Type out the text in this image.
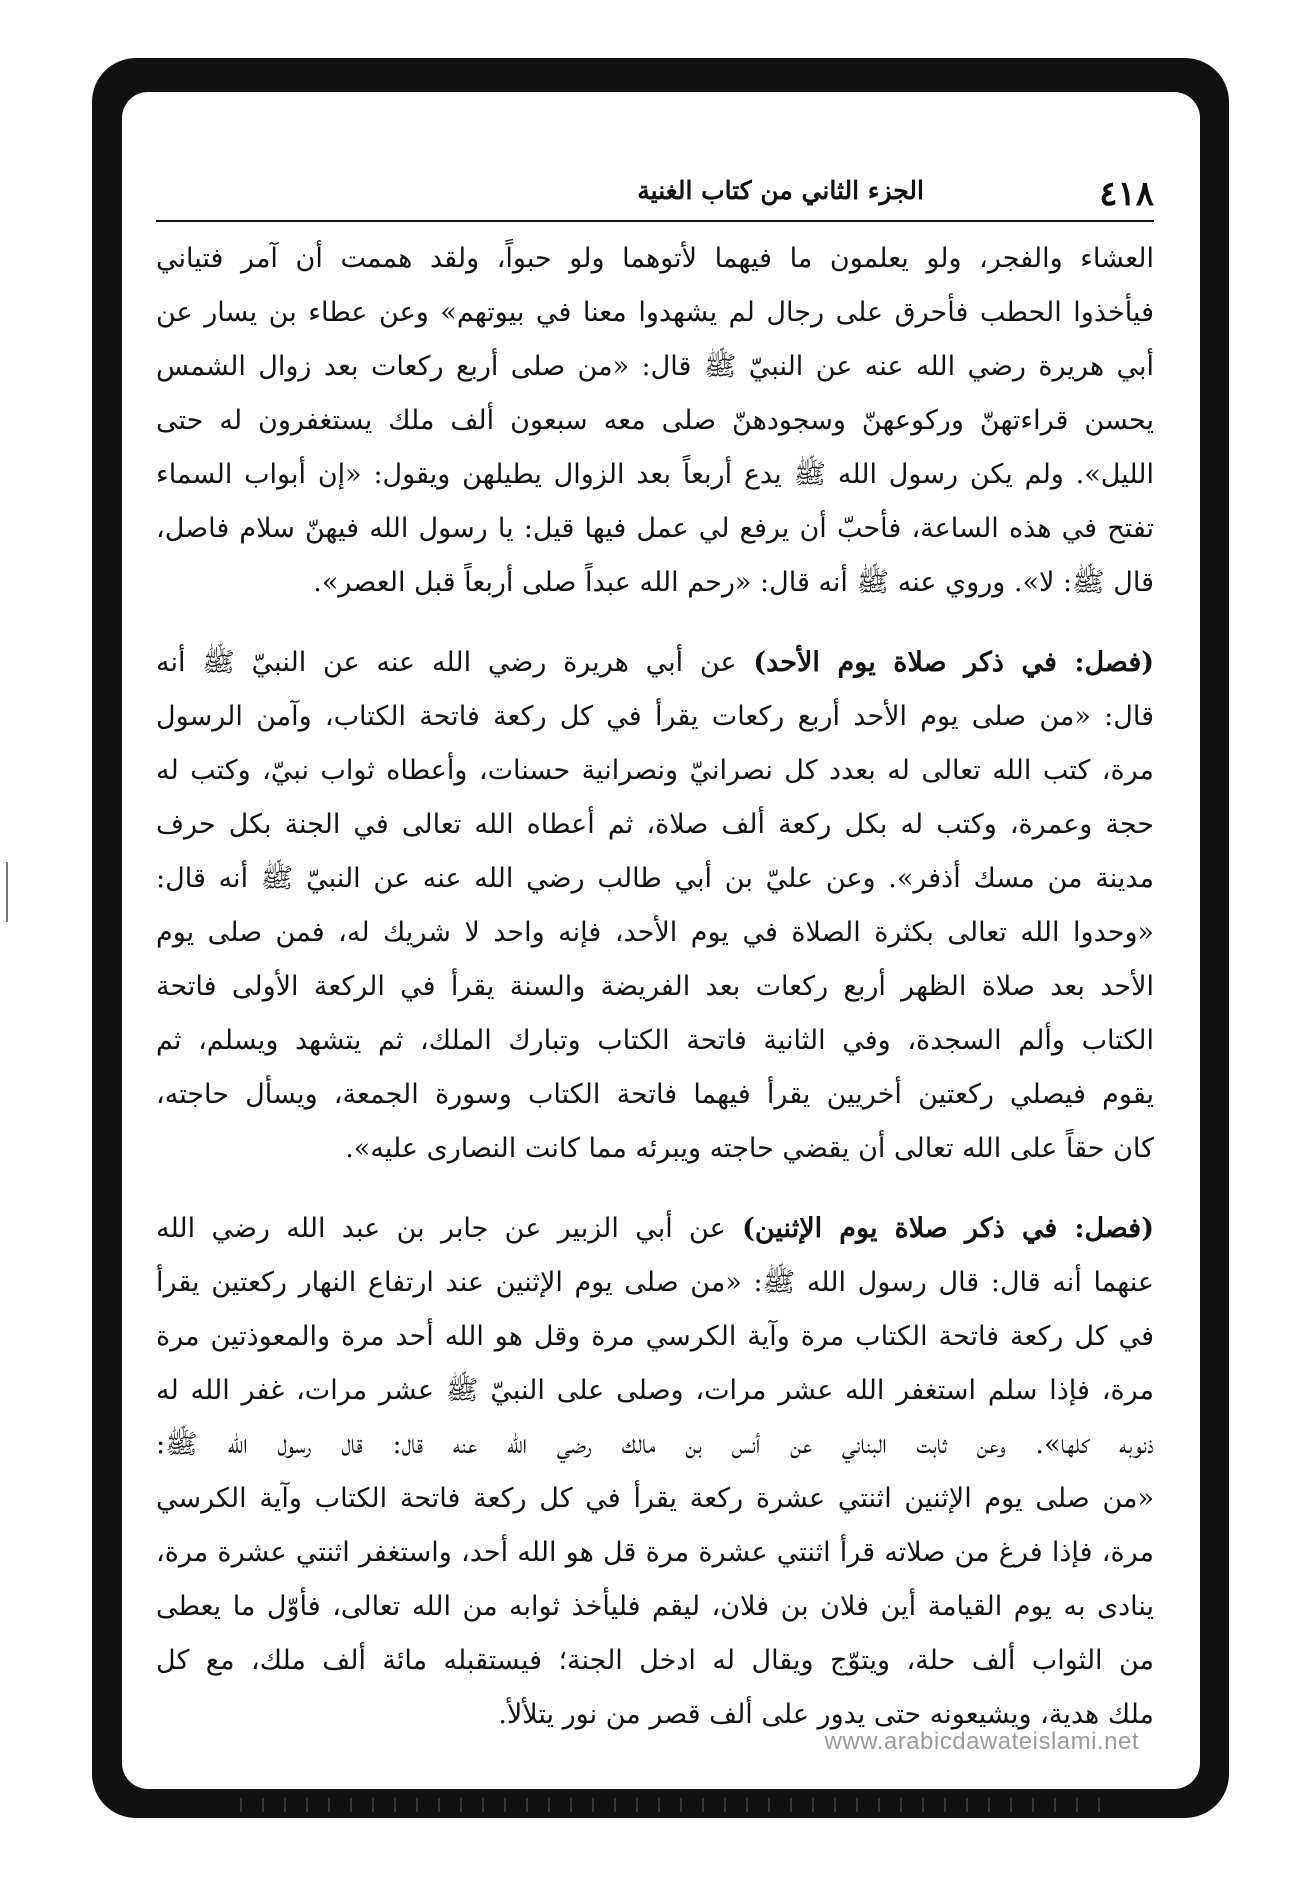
٤١٨
الجزء الثاني من كتاب الغنية

العشاء والفجر، ولو يعلمون ما فيهما لأتوهما ولو حبواً، ولقد هممت أن آمر فتياني
فيأخذوا الحطب فأحرق على رجال لم يشهدوا معنا في بيوتهم» وعن عطاء بن يسار عن
أبي هريرة رضي الله عنه عن النبيّ ﷺ قال: «من صلى أربع ركعات بعد زوال الشمس
يحسن قراءتهنّ وركوعهنّ وسجودهنّ صلى معه سبعون ألف ملك يستغفرون له حتى
الليل». ولم يكن رسول الله ﷺ يدع أربعاً بعد الزوال يطيلهن ويقول: «إن أبواب السماء
تفتح في هذه الساعة، فأحبّ أن يرفع لي عمل فيها قيل: يا رسول الله فيهنّ سلام فاصل،
قال ﷺ: لا». وروي عنه ﷺ أنه قال: «رحم الله عبداً صلى أربعاً قبل العصر».

(فصل: في ذكر صلاة يوم الأحد) عن أبي هريرة رضي الله عنه عن النبيّ ﷺ أنه
قال: «من صلى يوم الأحد أربع ركعات يقرأ في كل ركعة فاتحة الكتاب، وآمن الرسول
مرة، كتب الله تعالى له بعدد كل نصرانيّ ونصرانية حسنات، وأعطاه ثواب نبيّ، وكتب له
حجة وعمرة، وكتب له بكل ركعة ألف صلاة، ثم أعطاه الله تعالى في الجنة بكل حرف
مدينة من مسك أذفر». وعن عليّ بن أبي طالب رضي الله عنه عن النبيّ ﷺ أنه قال:
«وحدوا الله تعالى بكثرة الصلاة في يوم الأحد، فإنه واحد لا شريك له، فمن صلى يوم
الأحد بعد صلاة الظهر أربع ركعات بعد الفريضة والسنة يقرأ في الركعة الأولى فاتحة
الكتاب وألم السجدة، وفي الثانية فاتحة الكتاب وتبارك الملك، ثم يتشهد ويسلم، ثم
يقوم فيصلي ركعتين أخريين يقرأ فيهما فاتحة الكتاب وسورة الجمعة، ويسأل حاجته،
كان حقاً على الله تعالى أن يقضي حاجته ويبرئه مما كانت النصارى عليه».

(فصل: في ذكر صلاة يوم الإثنين) عن أبي الزبير عن جابر بن عبد الله رضي الله
عنهما أنه قال: قال رسول الله ﷺ: «من صلى يوم الإثنين عند ارتفاع النهار ركعتين يقرأ
في كل ركعة فاتحة الكتاب مرة وآية الكرسي مرة وقل هو الله أحد مرة والمعوذتين مرة
مرة، فإذا سلم استغفر الله عشر مرات، وصلى على النبيّ ﷺ عشر مرات، غفر الله له
ذنوبه كلها». وعن ثابت البناني عن أنس بن مالك رضي الله عنه قال: قال رسول الله ﷺ:
«من صلى يوم الإثنين اثنتي عشرة ركعة يقرأ في كل ركعة فاتحة الكتاب وآية الكرسي
مرة، فإذا فرغ من صلاته قرأ اثنتي عشرة مرة قل هو الله أحد، واستغفر اثنتي عشرة مرة،
ينادى به يوم القيامة أين فلان بن فلان، ليقم فليأخذ ثوابه من الله تعالى، فأوّل ما يعطى
من الثواب ألف حلة، ويتوّج ويقال له ادخل الجنة؛ فيستقبله مائة ألف ملك، مع كل
ملك هدية، ويشيعونه حتى يدور على ألف قصر من نور يتلألأ.

www.arabicdawateislami.net
